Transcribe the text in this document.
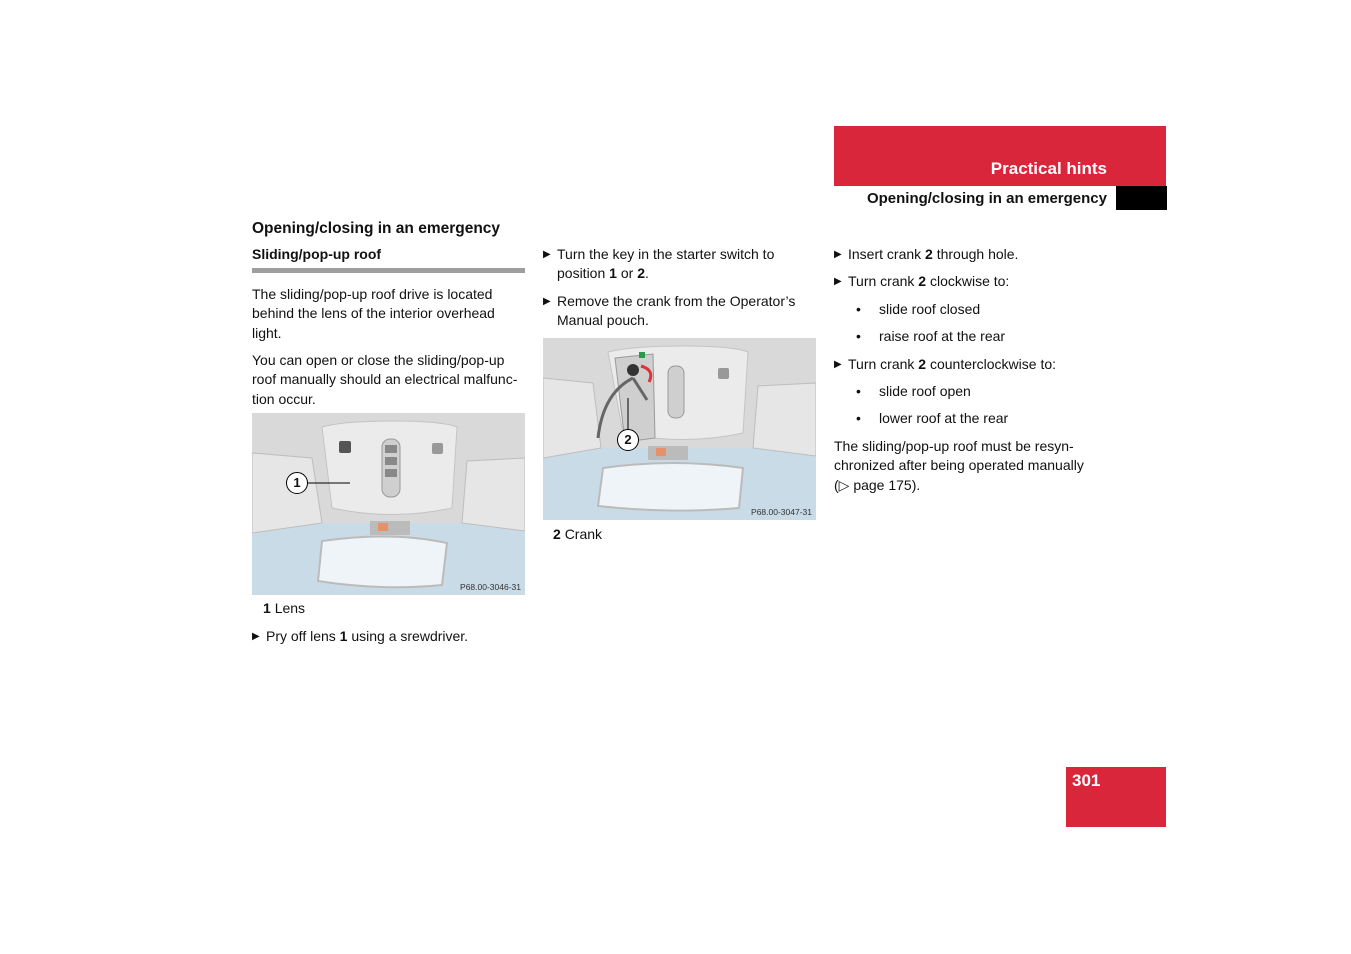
Practical hints
Opening/closing in an emergency
Opening/closing in an emergency
Sliding/pop-up roof

The sliding/pop-up roof drive is located behind the lens of the interior overhead light.

You can open or close the sliding/pop-up roof manually should an electrical malfunc-
tion occur.

1
P68.00-3046-31

1 Lens

▶ Pry off lens 1 using a srewdriver.

▶ Turn the key in the starter switch to position 1 or 2.

▶ Remove the crank from the Operator’s Manual pouch.

2
P68.00-3047-31

2 Crank

▶ Insert crank 2 through hole.

▶ Turn crank 2 clockwise to:

•	slide roof closed

•	raise roof at the rear

▶ Turn crank 2 counterclockwise to:

•	slide roof open

•	lower roof at the rear

The sliding/pop-up roof must be resyn-
chronized after being operated manually
(▷ page 175).

301
